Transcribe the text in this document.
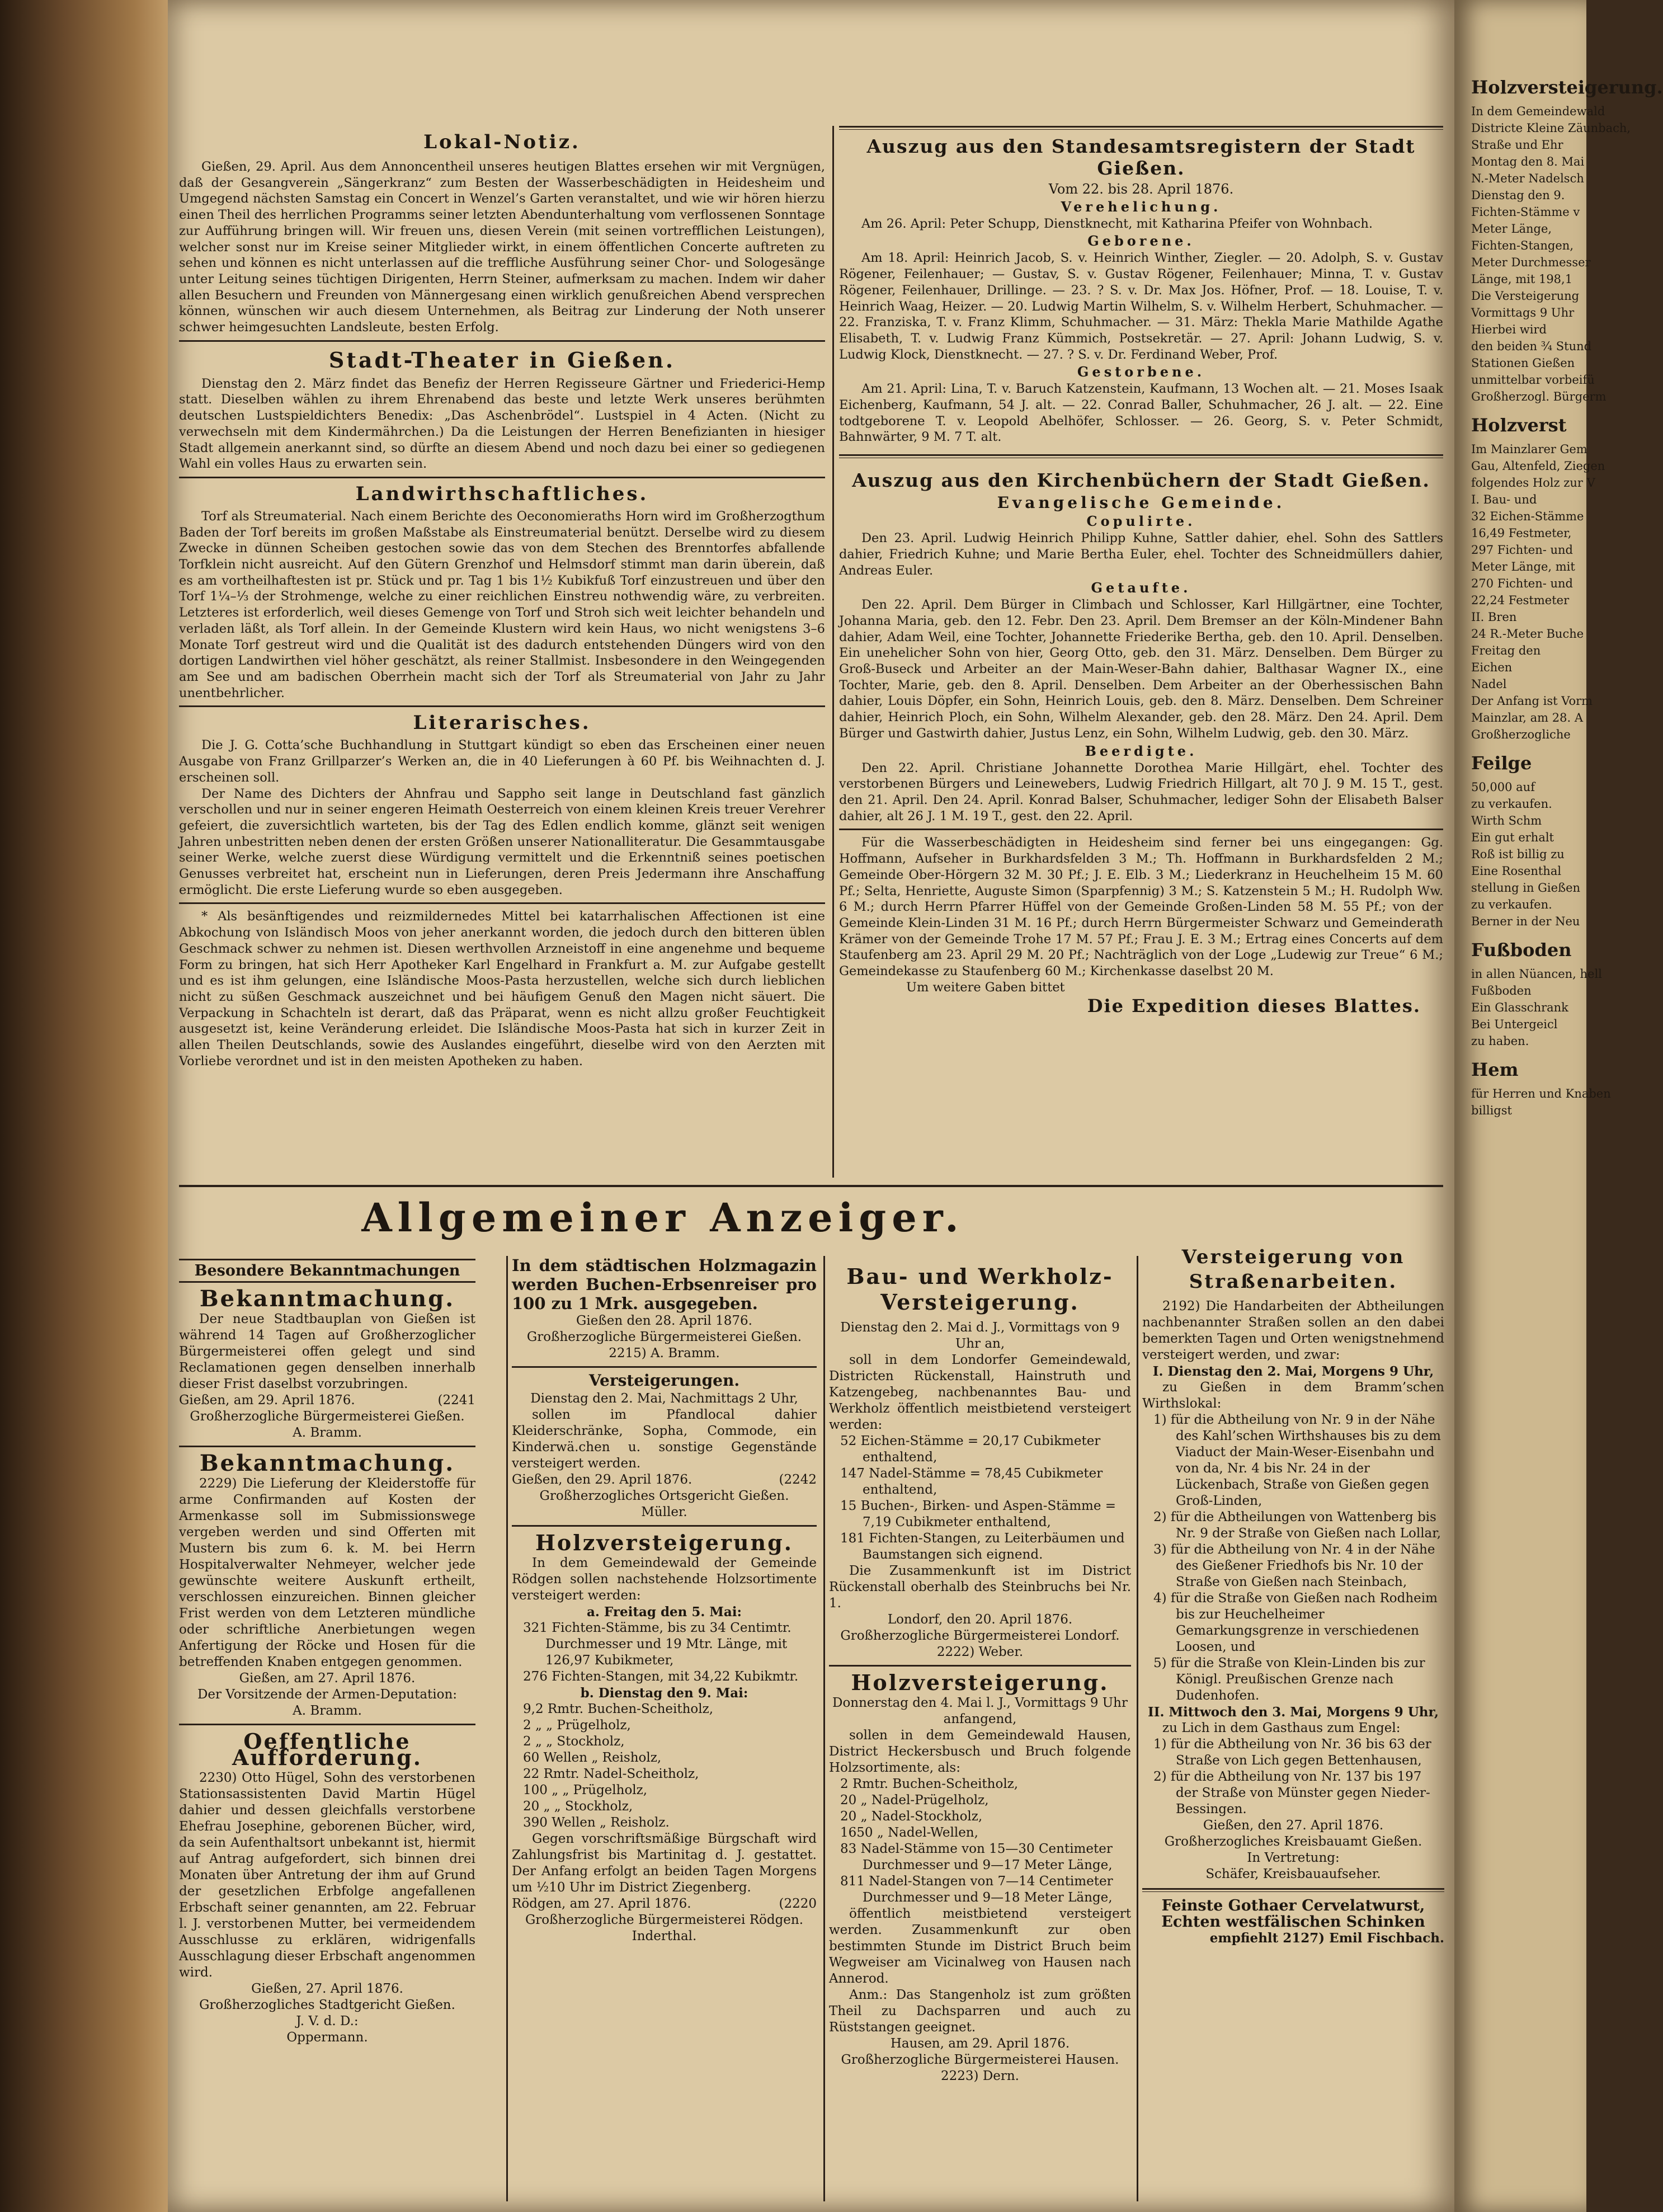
Lokal-Notiz.

Gießen, 29. April. Aus dem Annoncentheil unseres heutigen Blattes ersehen wir mit Vergnügen, daß der Gesangverein „Sängerkranz“ zum Besten der Wasserbeschädigten in Heidesheim und Umgegend nächsten Samstag ein Concert in Wenzel’s Garten veranstaltet, und wie wir hören hierzu einen Theil des herrlichen Programms seiner letzten Abendunterhaltung vom verflossenen Sonntage zur Aufführung bringen will. Wir freuen uns, diesen Verein (mit seinen vortrefflichen Leistungen), welcher sonst nur im Kreise seiner Mitglieder wirkt, in einem öffentlichen Concerte auftreten zu sehen und können es nicht unterlassen auf die treffliche Ausführung seiner Chor- und Sologesänge unter Leitung seines tüchtigen Dirigenten, Herrn Steiner, aufmerksam zu machen. Indem wir daher allen Besuchern und Freunden von Männergesang einen wirklich genußreichen Abend versprechen können, wünschen wir auch diesem Unternehmen, als Beitrag zur Linderung der Noth unserer schwer heimgesuchten Landsleute, besten Erfolg.

Stadt-Theater in Gießen.

Dienstag den 2. März findet das Benefiz der Herren Regisseure Gärtner und Friederici-Hemp statt. Dieselben wählen zu ihrem Ehrenabend das beste und letzte Werk unseres berühmten deutschen Lustspieldichters Benedix: „Das Aschenbrödel“. Lustspiel in 4 Acten. (Nicht zu verwechseln mit dem Kindermährchen.) Da die Leistungen der Herren Benefizianten in hiesiger Stadt allgemein anerkannt sind, so dürfte an diesem Abend und noch dazu bei einer so gediegenen Wahl ein volles Haus zu erwarten sein.

Landwirthschaftliches.

Torf als Streumaterial. Nach einem Berichte des Oeconomieraths Horn wird im Großherzogthum Baden der Torf bereits im großen Maßstabe als Einstreumaterial benützt. Derselbe wird zu diesem Zwecke in dünnen Scheiben gestochen sowie das von dem Stechen des Brenntorfes abfallende Torfklein nicht ausreicht. Auf den Gütern Grenzhof und Helmsdorf stimmt man darin überein, daß es am vortheilhaftesten ist pr. Stück und pr. Tag 1 bis 1½ Kubikfuß Torf einzustreuen und über den Torf 1¼–⅓ der Strohmenge, welche zu einer reichlichen Einstreu nothwendig wäre, zu verbreiten. Letzteres ist erforderlich, weil dieses Gemenge von Torf und Stroh sich weit leichter behandeln und verladen läßt, als Torf allein. In der Gemeinde Klustern wird kein Haus, wo nicht wenigstens 3–6 Monate Torf gestreut wird und die Qualität ist des dadurch entstehenden Düngers wird von den dortigen Landwirthen viel höher geschätzt, als reiner Stallmist. Insbesondere in den Weingegenden am See und am badischen Oberrhein macht sich der Torf als Streumaterial von Jahr zu Jahr unentbehrlicher.

Literarisches.

Die J. G. Cotta’sche Buchhandlung in Stuttgart kündigt so eben das Erscheinen einer neuen Ausgabe von Franz Grillparzer’s Werken an, die in 40 Lieferungen à 60 Pf. bis Weihnachten d. J. erscheinen soll.

Der Name des Dichters der Ahnfrau und Sappho seit lange in Deutschland fast gänzlich verschollen und nur in seiner engeren Heimath Oesterreich von einem kleinen Kreis treuer Verehrer gefeiert, die zuversichtlich warteten, bis der Tag des Edlen endlich komme, glänzt seit wenigen Jahren unbestritten neben denen der ersten Größen unserer Nationalliteratur. Die Gesammtausgabe seiner Werke, welche zuerst diese Würdigung vermittelt und die Erkenntniß seines poetischen Genusses verbreitet hat, erscheint nun in Lieferungen, deren Preis Jedermann ihre Anschaffung ermöglicht. Die erste Lieferung wurde so eben ausgegeben.

* Als besänftigendes und reizmildernedes Mittel bei katarrhalischen Affectionen ist eine Abkochung von Isländisch Moos von jeher anerkannt worden, die jedoch durch den bitteren üblen Geschmack schwer zu nehmen ist. Diesen werthvollen Arzneistoff in eine angenehme und bequeme Form zu bringen, hat sich Herr Apotheker Karl Engelhard in Frankfurt a. M. zur Aufgabe gestellt und es ist ihm gelungen, eine Isländische Moos-Pasta herzustellen, welche sich durch lieblichen nicht zu süßen Geschmack auszeichnet und bei häufigem Genuß den Magen nicht säuert. Die Verpackung in Schachteln ist derart, daß das Präparat, wenn es nicht allzu großer Feuchtigkeit ausgesetzt ist, keine Veränderung erleidet. Die Isländische Moos-Pasta hat sich in kurzer Zeit in allen Theilen Deutschlands, sowie des Auslandes eingeführt, dieselbe wird von den Aerzten mit Vorliebe verordnet und ist in den meisten Apotheken zu haben.

Auszug aus den Standesamtsregistern der Stadt Gießen.
Vom 22. bis 28. April 1876.
Verehelichung.

Am 26. April: Peter Schupp, Dienstknecht, mit Katharina Pfeifer von Wohnbach.

Geborene.

Am 18. April: Heinrich Jacob, S. v. Heinrich Winther, Ziegler. — 20. Adolph, S. v. Gustav Rögener, Feilenhauer; — Gustav, S. v. Gustav Rögener, Feilenhauer; Minna, T. v. Gustav Rögener, Feilenhauer, Drillinge. — 23. ? S. v. Dr. Max Jos. Höfner, Prof. — 18. Louise, T. v. Heinrich Waag, Heizer. — 20. Ludwig Martin Wilhelm, S. v. Wilhelm Herbert, Schuhmacher. — 22. Franziska, T. v. Franz Klimm, Schuhmacher. — 31. März: Thekla Marie Mathilde Agathe Elisabeth, T. v. Ludwig Franz Kümmich, Postsekretär. — 27. April: Johann Ludwig, S. v. Ludwig Klock, Dienstknecht. — 27. ? S. v. Dr. Ferdinand Weber, Prof.

Gestorbene.

Am 21. April: Lina, T. v. Baruch Katzenstein, Kaufmann, 13 Wochen alt. — 21. Moses Isaak Eichenberg, Kaufmann, 54 J. alt. — 22. Conrad Baller, Schuhmacher, 26 J. alt. — 22. Eine todtgeborene T. v. Leopold Abelhöfer, Schlosser. — 26. Georg, S. v. Peter Schmidt, Bahnwärter, 9 M. 7 T. alt.

Auszug aus den Kirchenbüchern der Stadt Gießen.
Evangelische Gemeinde.
Copulirte.

Den 23. April. Ludwig Heinrich Philipp Kuhne, Sattler dahier, ehel. Sohn des Sattlers dahier, Friedrich Kuhne; und Marie Bertha Euler, ehel. Tochter des Schneidmüllers dahier, Andreas Euler.

Getaufte.

Den 22. April. Dem Bürger in Climbach und Schlosser, Karl Hillgärtner, eine Tochter, Johanna Maria, geb. den 12. Febr. Den 23. April. Dem Bremser an der Köln-Mindener Bahn dahier, Adam Weil, eine Tochter, Johannette Friederike Bertha, geb. den 10. April. Denselben. Ein unehelicher Sohn von hier, Georg Otto, geb. den 31. März. Denselben. Dem Bürger zu Groß-Buseck und Arbeiter an der Main-Weser-Bahn dahier, Balthasar Wagner IX., eine Tochter, Marie, geb. den 8. April. Denselben. Dem Arbeiter an der Oberhessischen Bahn dahier, Louis Döpfer, ein Sohn, Heinrich Louis, geb. den 8. März. Denselben. Dem Schreiner dahier, Heinrich Ploch, ein Sohn, Wilhelm Alexander, geb. den 28. März. Den 24. April. Dem Bürger und Gastwirth dahier, Justus Lenz, ein Sohn, Wilhelm Ludwig, geb. den 30. März.

Beerdigte.

Den 22. April. Christiane Johannette Dorothea Marie Hillgärt, ehel. Tochter des verstorbenen Bürgers und Leinewebers, Ludwig Friedrich Hillgart, alt 70 J. 9 M. 15 T., gest. den 21. April. Den 24. April. Konrad Balser, Schuhmacher, lediger Sohn der Elisabeth Balser dahier, alt 26 J. 1 M. 19 T., gest. den 22. April.

Für die Wasserbeschädigten in Heidesheim sind ferner bei uns eingegangen: Gg. Hoffmann, Aufseher in Burkhardsfelden 3 M.; Th. Hoffmann in Burkhardsfelden 2 M.; Gemeinde Ober-Hörgern 32 M. 30 Pf.; J. E. Elb. 3 M.; Liederkranz in Heuchelheim 15 M. 60 Pf.; Selta, Henriette, Auguste Simon (Sparpfennig) 3 M.; S. Katzenstein 5 M.; H. Rudolph Ww. 6 M.; durch Herrn Pfarrer Hüffel von der Gemeinde Großen-Linden 58 M. 55 Pf.; von der Gemeinde Klein-Linden 31 M. 16 Pf.; durch Herrn Bürgermeister Schwarz und Gemeinderath Krämer von der Gemeinde Trohe 17 M. 57 Pf.; Frau J. E. 3 M.; Ertrag eines Concerts auf dem Staufenberg am 23. April 29 M. 20 Pf.; Nachträglich von der Loge „Ludewig zur Treue“ 6 M.; Gemeindekasse zu Staufenberg 60 M.; Kirchenkasse daselbst 20 M.

Um weitere Gaben bittet
Die Expedition dieses Blattes.
Allgemeiner Anzeiger.
Besondere Bekanntmachungen
Bekanntmachung.

Der neue Stadtbauplan von Gießen ist während 14 Tagen auf Großherzoglicher Bürgermeisterei offen gelegt und sind Reclamationen gegen denselben innerhalb dieser Frist daselbst vorzubringen.

Gießen, am 29. April 1876.	(2241

Großherzogliche Bürgermeisterei Gießen.

A. Bramm.

Bekanntmachung.

2229) Die Lieferung der Kleiderstoffe für arme Confirmanden auf Kosten der Armenkasse soll im Submissionswege vergeben werden und sind Offerten mit Mustern bis zum 6. k. M. bei Herrn Hospitalverwalter Nehmeyer, welcher jede gewünschte weitere Auskunft ertheilt, verschlossen einzureichen. Binnen gleicher Frist werden von dem Letzteren mündliche oder schriftliche Anerbietungen wegen Anfertigung der Röcke und Hosen für die betreffenden Knaben entgegen genommen.

Gießen, am 27. April 1876.

Der Vorsitzende der Armen-Deputation:

A. Bramm.

Oeffentliche Aufforderung.

2230) Otto Hügel, Sohn des verstorbenen Stationsassistenten David Martin Hügel dahier und dessen gleichfalls verstorbene Ehefrau Josephine, geborenen Bücher, wird, da sein Aufenthaltsort unbekannt ist, hiermit auf Antrag aufgefordert, sich binnen drei Monaten über Antretung der ihm auf Grund der gesetzlichen Erbfolge angefallenen Erbschaft seiner genannten, am 22. Februar l. J. verstorbenen Mutter, bei vermeidendem Ausschlusse zu erklären, widrigenfalls Ausschlagung dieser Erbschaft angenommen wird.

Gießen, 27. April 1876.

Großherzogliches Stadtgericht Gießen.

J. V. d. D.:

Oppermann.

In dem städtischen Holzmagazin werden Buchen-Erbsenreiser pro 100 zu 1 Mrk. ausgegeben.

Gießen den 28. April 1876.

Großherzogliche Bürgermeisterei Gießen.

2215) A. Bramm.

Versteigerungen.

Dienstag den 2. Mai, Nachmittags 2 Uhr,

sollen im Pfandlocal dahier Kleiderschränke, Sopha, Commode, ein Kinderwä.chen u. sonstige Gegenstände versteigert werden.

Gießen, den 29. April 1876.	(2242

Großherzogliches Ortsgericht Gießen.

Müller.

Holzversteigerung.

In dem Gemeindewald der Gemeinde Rödgen sollen nachstehende Holzsortimente versteigert werden:

a. Freitag den 5. Mai:

321 Fichten-Stämme, bis zu 34 Centimtr. Durchmesser und 19 Mtr. Länge, mit 126,97 Kubikmeter,

276 Fichten-Stangen, mit 34,22 Kubikmtr.

b. Dienstag den 9. Mai:

9,2 Rmtr. Buchen-Scheitholz,

2 „ „ Prügelholz,

2 „ „ Stockholz,

60 Wellen „ Reisholz,

22 Rmtr. Nadel-Scheitholz,

100 „ „ Prügelholz,

20 „ „ Stockholz,

390 Wellen „ Reisholz.

Gegen vorschriftsmäßige Bürgschaft wird Zahlungsfrist bis Martinitag d. J. gestattet. Der Anfang erfolgt an beiden Tagen Morgens um ½10 Uhr im District Ziegenberg.

Rödgen, am 27. April 1876.	(2220

Großherzogliche Bürgermeisterei Rödgen.

Inderthal.

Bau- und Werkholz-Versteigerung.

Dienstag den 2. Mai d. J., Vormittags von 9 Uhr an,

soll in dem Londorfer Gemeindewald, Districten Rückenstall, Hainstruth und Katzengebeg, nachbenanntes Bau- und Werkholz öffentlich meistbietend versteigert werden:

52 Eichen-Stämme = 20,17 Cubikmeter enthaltend,

147 Nadel-Stämme = 78,45 Cubikmeter enthaltend,

15 Buchen-, Birken- und Aspen-Stämme = 7,19 Cubikmeter enthaltend,

181 Fichten-Stangen, zu Leiterbäumen und Baumstangen sich eignend.

Die Zusammenkunft ist im District Rückenstall oberhalb des Steinbruchs bei Nr. 1.

Londorf, den 20. April 1876.

Großherzogliche Bürgermeisterei Londorf.

2222) Weber.

Holzversteigerung.

Donnerstag den 4. Mai l. J., Vormittags 9 Uhr anfangend,

sollen in dem Gemeindewald Hausen, District Heckersbusch und Bruch folgende Holzsortimente, als:

2 Rmtr. Buchen-Scheitholz,

20 „ Nadel-Prügelholz,

20 „ Nadel-Stockholz,

1650 „ Nadel-Wellen,

83 Nadel-Stämme von 15—30 Centimeter Durchmesser und 9—17 Meter Länge,

811 Nadel-Stangen von 7—14 Centimeter Durchmesser und 9—18 Meter Länge,

öffentlich meistbietend versteigert werden. Zusammenkunft zur oben bestimmten Stunde im District Bruch beim Wegweiser am Vicinalweg von Hausen nach Annerod.

Anm.: Das Stangenholz ist zum größten Theil zu Dachsparren und auch zu Rüststangen geeignet.

Hausen, am 29. April 1876.

Großherzogliche Bürgermeisterei Hausen.

2223) Dern.

Versteigerung von Straßenarbeiten.

2192) Die Handarbeiten der Abtheilungen nachbenannter Straßen sollen an den dabei bemerkten Tagen und Orten wenigstnehmend versteigert werden, und zwar:

I. Dienstag den 2. Mai, Morgens 9 Uhr,

zu Gießen in dem Bramm’schen Wirthslokal:

1) für die Abtheilung von Nr. 9 in der Nähe des Kahl’schen Wirthshauses bis zu dem Viaduct der Main-Weser-Eisenbahn und von da, Nr. 4 bis Nr. 24 in der Lückenbach, Straße von Gießen gegen Groß-Linden,

2) für die Abtheilungen von Wattenberg bis Nr. 9 der Straße von Gießen nach Lollar,

3) für die Abtheilung von Nr. 4 in der Nähe des Gießener Friedhofs bis Nr. 10 der Straße von Gießen nach Steinbach,

4) für die Straße von Gießen nach Rodheim bis zur Heuchelheimer Gemarkungsgrenze in verschiedenen Loosen, und

5) für die Straße von Klein-Linden bis zur Königl. Preußischen Grenze nach Dudenhofen.

II. Mittwoch den 3. Mai, Morgens 9 Uhr,

zu Lich in dem Gasthaus zum Engel:

1) für die Abtheilung von Nr. 36 bis 63 der Straße von Lich gegen Bettenhausen,

2) für die Abtheilung von Nr. 137 bis 197 der Straße von Münster gegen Nieder-Bessingen.

Gießen, den 27. April 1876.

Großherzogliches Kreisbauamt Gießen.

In Vertretung:

Schäfer, Kreisbauaufseher.

Feinste Gothaer Cervelatwurst,

Echten westfälischen Schinken

empfiehlt 2127) Emil Fischbach.

Holzversteigerung.
In dem Gemeindewald
Districte Kleine Zäunbach,
Straße und Ehr
Montag den 8. Mai
N.-Meter Nadelsch
Dienstag den 9.
Fichten-Stämme v
Meter Länge,
Fichten-Stangen,
Meter Durchmesser
Länge, mit 198,1
Die Versteigerung
Vormittags 9 Uhr
Hierbei wird
den beiden ¾ Stund
Stationen Gießen
unmittelbar vorbeifü
Großherzogl. Bürgerm
Holzverst
Im Mainzlarer Gem
Gau, Altenfeld, Ziegen
folgendes Holz zur V
I. Bau- und
32 Eichen-Stämme
16,49 Festmeter,
297 Fichten- und
Meter Länge, mit
270 Fichten- und
22,24 Festmeter
II. Bren
24 R.-Meter Buche
Freitag den
Eichen
Nadel
Der Anfang ist Vorm
Mainzlar, am 28. A
Großherzogliche
Feilge
50,000 auf
zu verkaufen.
Wirth Schm
Ein gut erhalt
Roß ist billig zu
Eine Rosenthal
stellung in Gießen
zu verkaufen.
Berner in der Neu
Fußboden
in allen Nüancen, hell
Fußboden
Ein Glasschrank
Bei Untergeicl
zu haben.
Hem
für Herren und Knaben
billigst
